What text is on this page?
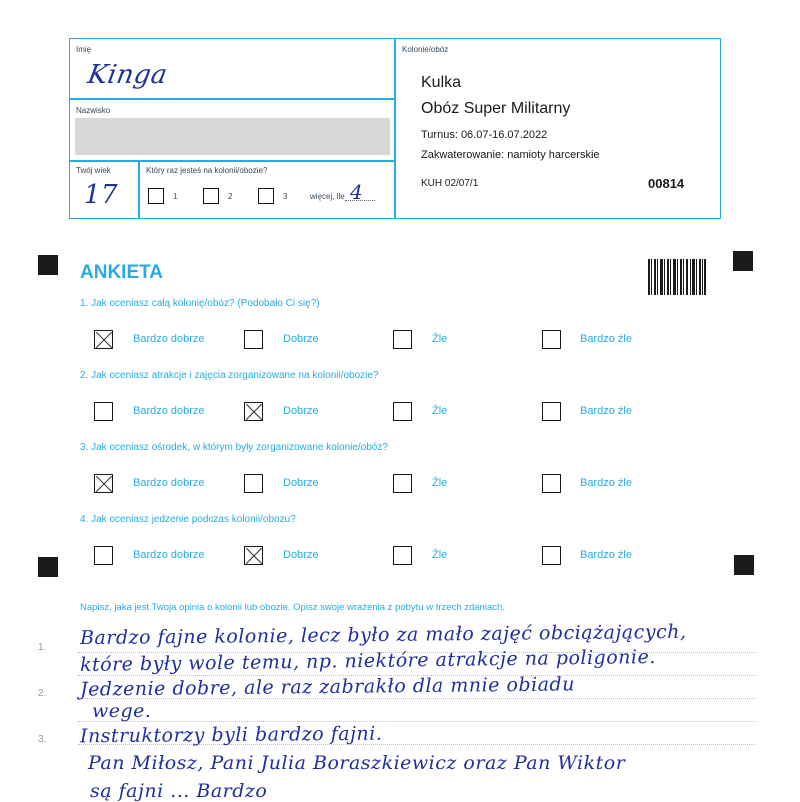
Imię
Kinga
Nazwisko
Twój wiek
17
Który raz jesteś na kolonii/obozie?
1	2	3	więcej, ile 4
Kolonie/obóz
Kulka
Obóz Super Militarny
Turnus: 06.07-16.07.2022
Zakwaterowanie: namioty harcerskie
KUH 02/07/1	00814
ANKIETA
1. Jak oceniasz całą kolonię/obóz? (Podobało Ci się?)
Bardzo dobrze	Dobrze	Źle	Bardzo źle
2. Jak oceniasz atrakcje i zajęcia zorganizowane na kolonii/obozie?
Bardzo dobrze	Dobrze	Źle	Bardzo źle
3. Jak oceniasz ośrodek, w którym były zorganizowane kolonie/obóz?
Bardzo dobrze	Dobrze	Źle	Bardzo źle
4. Jak oceniasz jedzenie podczas kolonii/obozu?
Bardzo dobrze	Dobrze	Źle	Bardzo źle
Napisz, jaka jest Twoja opinia o kolonii lub obozie. Opisz swoje wrażenia z pobytu w trzech zdaniach.
1.
2.
3.
Bardzo fajne kolonie, lecz było za mało zajęć obciążających,
które były wole temu, np. niektóre atrakcje na poligonie.
Jedzenie dobre, ale raz zabrakło dla mnie obiadu
wege.
Instruktorzy byli bardzo fajni.
Pan Miłosz, Pani Julia Boraszkiewicz oraz Pan Wiktor
są fajni ... Bardzo
